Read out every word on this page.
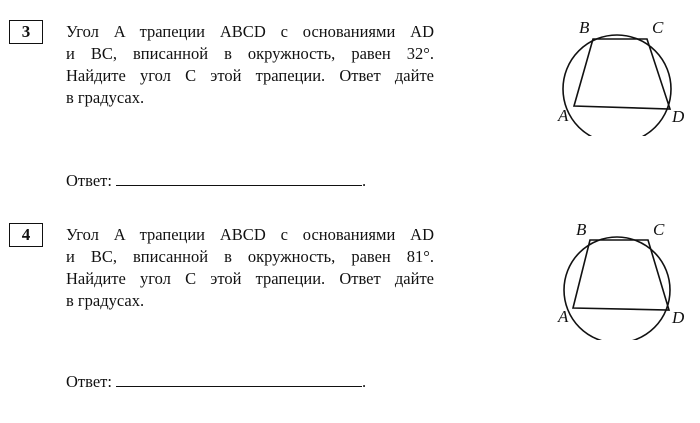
3	Угол A трапеции ABCD с основаниями AD
и BC, вписанной в окружность, равен 32°.
Найдите угол C этой трапеции. Ответ дайте
в градусах.

Ответ:	.
B	C
A	D
4	Угол A трапеции ABCD с основаниями AD
и BC, вписанной в окружность, равен 81°.
Найдите угол C этой трапеции. Ответ дайте
в градусах.

Ответ:	.
B	C
A	D
